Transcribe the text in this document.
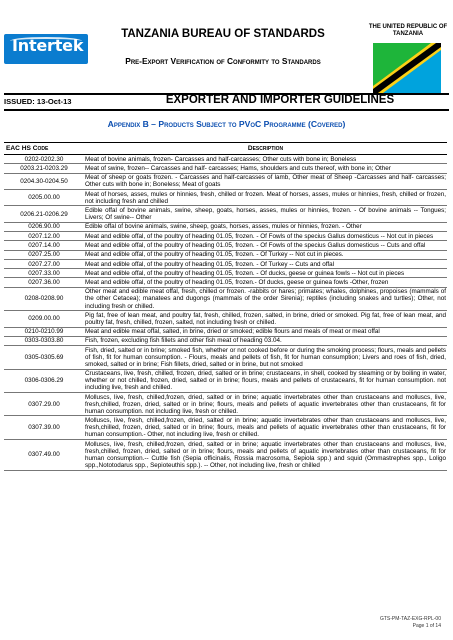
Intertek
TANZANIA BUREAU OF STANDARDS
Pre-Export Verification of Conformity to Standards
THE UNITED REPUBLIC OF TANZANIA
ISSUED: 13-Oct-13	EXPORTER AND IMPORTER GUIDELINES
Appendix B – Products Subject to PVoC Programme (Covered)
EAC HS Code	Description
0202-0202.30	Meat of bovine animals, frozen- Carcasses and half-carcasses; Other cuts with bone in; Boneless
0203.21-0203.29	Meat of swine, frozen-- Carcasses and half- carcasses; Hams, shoulders and cuts thereof, with bone in; Other
0204.30-0204.50	Meat of sheep or goats frozen. - Carcasses and half-carcasses of lamb, Other meat of Sheep -Carcasses and half- carcasses; Other cuts with bone in; Boneless; Meat of goats
0205.00.00	Meat of horses, asses, mules or hinnies, fresh, chilled or frozen. Meat of horses, asses, mules or hinnies, fresh, chilled or frozen, not including fresh and chilled
0206.21-0206.29	Edible offal of bovine animals, swine, sheep, goats, horses, asses, mules or hinnies, frozen. - Of bovine animals -- Tongues; Livers; Of swine-- Other
0206.90.00	Edible offal of bovine animals, swine, sheep, goats, horses, asses, mules or hinnies, frozen. - Other
0207.12.00	Meat and edible offal, of the poultry of heading 01.05, frozen. - Of Fowls of the specius Gallus domesticus -- Not cut in pieces
0207.14.00	Meat and edible offal, of the poultry of heading 01.05, frozen. - Of Fowls of the specius Gallus domesticus -- Cuts and offal
0207.25.00	Meat and edible offal, of the poultry of heading 01.05, frozen. - Of Turkey -- Not cut in pieces.
0207.27.00	Meat and edible offal, of the poultry of heading 01.05, frozen. - Of Turkey -- Cuts and offal
0207.33.00	Meat and edible offal, of the poultry of heading 01.05, frozen. - Of ducks, geese or guinea fowls -- Not cut in pieces
0207.36.00	Meat and edible offal, of the poultry of heading 01.05, frozen.- Of ducks, geese or guinea fowls -Other, frozen
0208-0208.90	Other meat and edible meat offal, fresh, chilled or frozen. -rabbits or hares; primates; whales, dolphines, propoises (mammals of the other Cetacea); manatees and dugongs (mammals of the order Sirenia); reptiles (including snakes and turtles); Other, not including fresh or chilled.
0209.00.00	Pig fat, free of lean meat, and poultry fat, fresh, chilled, frozen, salted, in brine, dried or smoked. Pig fat, free of lean meat, and poultry fat, fresh, chilled, frozen, salted, not including fresh or chilled.
0210-0210.99	Meat and edible meat offal, salted, in brine, dried or smoked; edible flours and meals of meat or meat offal
0303-0303.80	Fish, frozen, excluding fish fillets and other fish meat of heading 03.04.
0305-0305.69	Fish, dried, salted or in brine; smoked fish, whether or not cooked before or during the smoking process; flours, meals and pellets of fish, fit for human consumption. - Flours, meals and pellets of fish, fit for human consumption; Livers and roes of fish, dried, smoked, salted or in brine; Fish fillets, dried, salted or in brine, but not smoked
0306-0306.29	Crustaceans, live, fresh, chilled, frozen, dried, salted or in brine; crustaceans, in shell, cooked by steaming or by boiling in water, whether or not chilled, frozen, dried, salted or in brine; flours, meals and pellets of crustaceans, fit for human consumption. not including live, fresh and chilled.
0307.29.00	Molluscs, live, fresh, chilled,frozen, dried, salted or in brine; aquatic invertebrates other than crustaceans and molluscs, live, fresh,chilled, frozen, dried, salted or in brine; flours, meals and pellets of aquatic invertebrates other than crustaceans, fit for human consumption. not including live, fresh or chilled.
0307.39.00	Molluscs, live, fresh, chilled,frozen, dried, salted or in brine; aquatic invertebrates other than crustaceans and molluscs, live, fresh,chilled, frozen, dried, salted or in brine; flours, meals and pellets of aquatic invertebrates other than crustaceans, fit for human consumption.- Other, not including live, fresh or chilled.
0307.49.00	Molluscs, live, fresh, chilled,frozen, dried, salted or in brine; aquatic invertebrates other than crustaceans and molluscs, live, fresh,chilled, frozen, dried, salted or in brine; flours, meals and pellets of aquatic invertebrates other than crustaceans, fit for human consumption.-- Cuttle fish (Sepia officinalis, Rossia macrosoma, Sepiola spp.) and squid (Ommastrephes spp., Loligo spp.,Nototodarus spp., Sepioteuthis spp.). -- Other, not including live, fresh or chilled
GTS-PM-TAZ-EXG-RPL-00
Page 1 of 14
